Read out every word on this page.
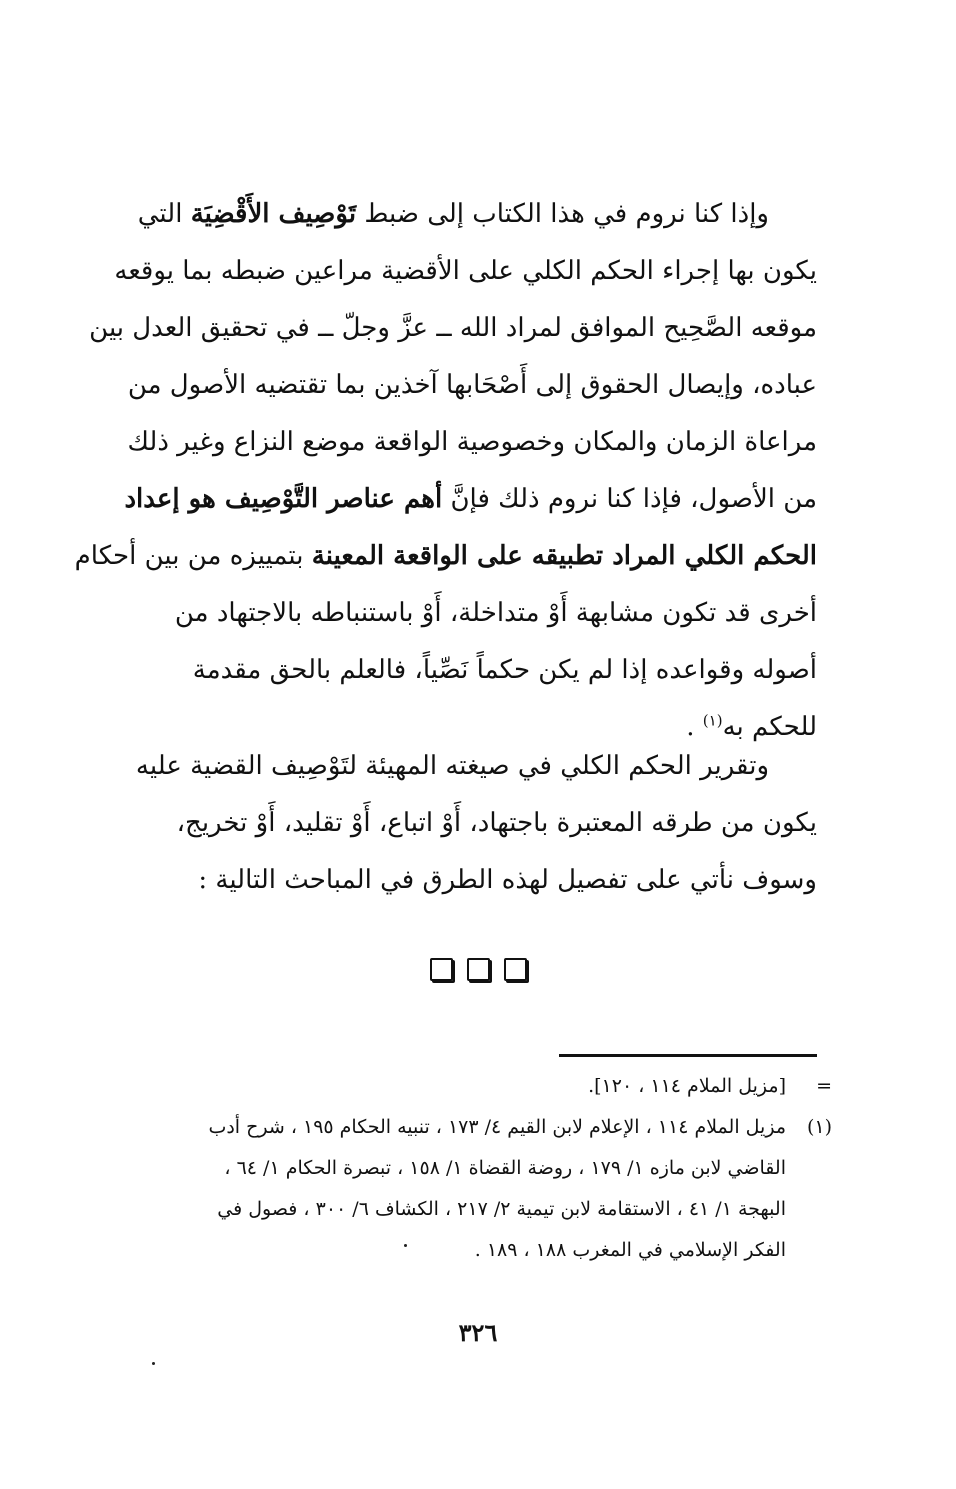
وإذا كنا نروم في هذا الكتاب إلى ضبط تَوْصِيف الأَقْضِيَة التي
يكون بها إجراء الحكم الكلي على الأقضية مراعين ضبطه بما يوقعه
موقعه الصَّحِيح الموافق لمراد الله ــ عزَّ وجلّ ــ في تحقيق العدل بين
عباده، وإيصال الحقوق إلى أَصْحَابها آخذين بما تقتضيه الأصول من
مراعاة الزمان والمكان وخصوصية الواقعة موضع النزاع وغير ذلك
من الأصول، فإذا كنا نروم ذلك فإنَّ أهم عناصر التَّوْصِيف هو إعداد
الحكم الكلي المراد تطبيقه على الواقعة المعينة بتمييزه من بين أحكام
أخرى قد تكون مشابهة أَوْ متداخلة، أَوْ باستنباطه بالاجتهاد من
أصوله وقواعده إذا لم يكن حكماً نَصِّياً، فالعلم بالحق مقدمة
للحكم به$^{(١)}$ .
وتقرير الحكم الكلي في صيغته المهيئة لتَوْصِيف القضية عليه
يكون من طرقه المعتبرة باجتهاد، أَوْ اتباع، أَوْ تقليد، أَوْ تخريج،
وسوف نأتي على تفصيل لهذه الطرق في المباحث التالية :
=
[مزيل الملام ١١٤ ، ١٢٠].
(١)
مزيل الملام ١١٤ ، الإعلام لابن القيم ٤/ ١٧٣ ، تنبيه الحكام ١٩٥ ، شرح أدب
القاضي لابن مازه ١/ ١٧٩ ، روضة القضاة ١/ ١٥٨ ، تبصرة الحكام ١/ ٦٤ ،
البهجة ١/ ٤١ ، الاستقامة لابن تيمية ٢/ ٢١٧ ، الكشاف ٦/ ٣٠٠ ، فصول في
الفكر الإسلامي في المغرب ١٨٨ ، ١٨٩ .
٣٢٦
